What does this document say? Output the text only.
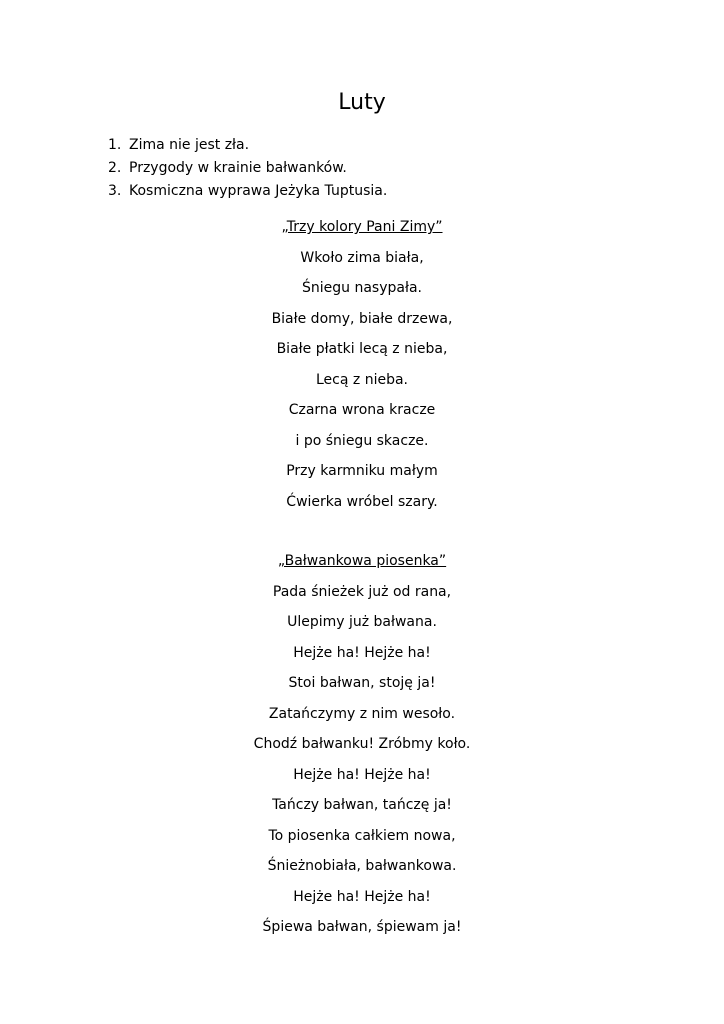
Luty
1. Zima nie jest zła.
2. Przygody w krainie bałwanków.
3. Kosmiczna wyprawa Jeżyka Tuptusia.
„Trzy kolory Pani Zimy”
Wkoło zima biała,
Śniegu nasypała.
Białe domy, białe drzewa,
Białe płatki lecą z nieba,
Lecą z nieba.
Czarna wrona kracze
i po śniegu skacze.
Przy karmniku małym
Ćwierka wróbel szary.
„Bałwankowa piosenka”
Pada śnieżek już od rana,
Ulepimy już bałwana.
Hejże ha! Hejże ha!
Stoi bałwan, stoję ja!
Zatańczymy z nim wesoło.
Chodź bałwanku! Zróbmy koło.
Hejże ha! Hejże ha!
Tańczy bałwan, tańczę ja!
To piosenka całkiem nowa,
Śnieżnobiała, bałwankowa.
Hejże ha! Hejże ha!
Śpiewa bałwan, śpiewam ja!
